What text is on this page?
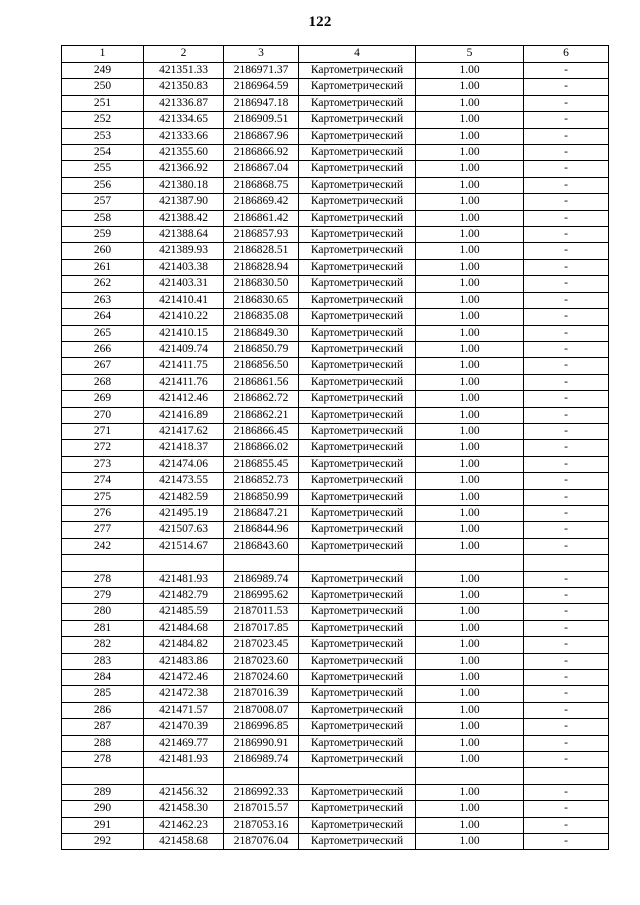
122
1	2	3	4	5	6
249	421351.33	2186971.37	Картометрический	1.00	-
250	421350.83	2186964.59	Картометрический	1.00	-
251	421336.87	2186947.18	Картометрический	1.00	-
252	421334.65	2186909.51	Картометрический	1.00	-
253	421333.66	2186867.96	Картометрический	1.00	-
254	421355.60	2186866.92	Картометрический	1.00	-
255	421366.92	2186867.04	Картометрический	1.00	-
256	421380.18	2186868.75	Картометрический	1.00	-
257	421387.90	2186869.42	Картометрический	1.00	-
258	421388.42	2186861.42	Картометрический	1.00	-
259	421388.64	2186857.93	Картометрический	1.00	-
260	421389.93	2186828.51	Картометрический	1.00	-
261	421403.38	2186828.94	Картометрический	1.00	-
262	421403.31	2186830.50	Картометрический	1.00	-
263	421410.41	2186830.65	Картометрический	1.00	-
264	421410.22	2186835.08	Картометрический	1.00	-
265	421410.15	2186849.30	Картометрический	1.00	-
266	421409.74	2186850.79	Картометрический	1.00	-
267	421411.75	2186856.50	Картометрический	1.00	-
268	421411.76	2186861.56	Картометрический	1.00	-
269	421412.46	2186862.72	Картометрический	1.00	-
270	421416.89	2186862.21	Картометрический	1.00	-
271	421417.62	2186866.45	Картометрический	1.00	-
272	421418.37	2186866.02	Картометрический	1.00	-
273	421474.06	2186855.45	Картометрический	1.00	-
274	421473.55	2186852.73	Картометрический	1.00	-
275	421482.59	2186850.99	Картометрический	1.00	-
276	421495.19	2186847.21	Картометрический	1.00	-
277	421507.63	2186844.96	Картометрический	1.00	-
242	421514.67	2186843.60	Картометрический	1.00	-

278	421481.93	2186989.74	Картометрический	1.00	-
279	421482.79	2186995.62	Картометрический	1.00	-
280	421485.59	2187011.53	Картометрический	1.00	-
281	421484.68	2187017.85	Картометрический	1.00	-
282	421484.82	2187023.45	Картометрический	1.00	-
283	421483.86	2187023.60	Картометрический	1.00	-
284	421472.46	2187024.60	Картометрический	1.00	-
285	421472.38	2187016.39	Картометрический	1.00	-
286	421471.57	2187008.07	Картометрический	1.00	-
287	421470.39	2186996.85	Картометрический	1.00	-
288	421469.77	2186990.91	Картометрический	1.00	-
278	421481.93	2186989.74	Картометрический	1.00	-

289	421456.32	2186992.33	Картометрический	1.00	-
290	421458.30	2187015.57	Картометрический	1.00	-
291	421462.23	2187053.16	Картометрический	1.00	-
292	421458.68	2187076.04	Картометрический	1.00	-
